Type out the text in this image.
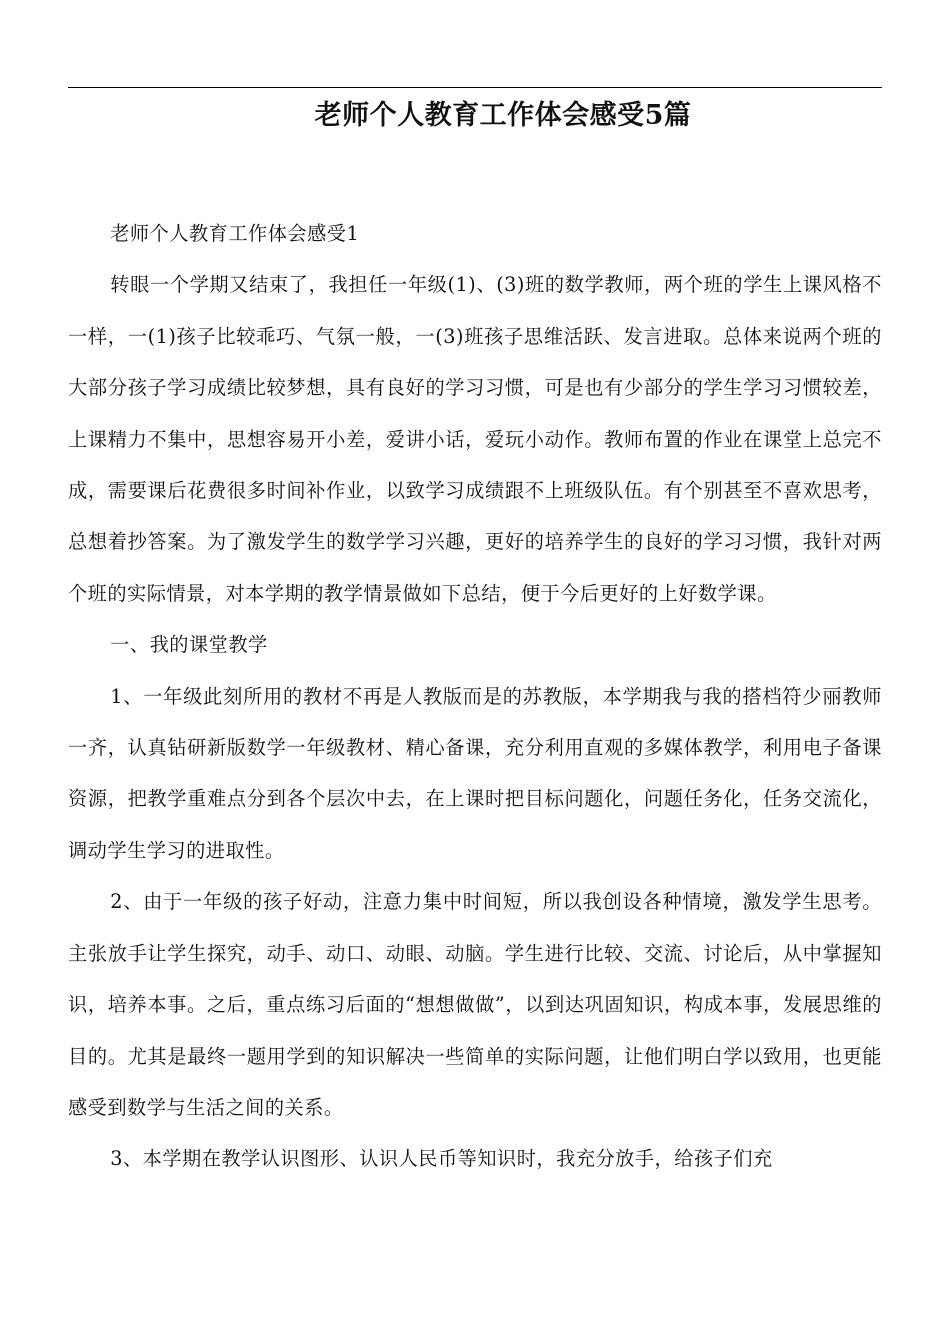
老师个人教育工作体会感受5篇

老师个人教育工作体会感受1

转眼一个学期又结束了，我担任一年级(1)、(3)班的数学教师，两个班的学生上课风格不一样，一(1)孩子比较乖巧、气氛一般，一(3)班孩子思维活跃、发言进取。总体来说两个班的大部分孩子学习成绩比较梦想，具有良好的学习习惯，可是也有少部分的学生学习习惯较差，上课精力不集中，思想容易开小差，爱讲小话，爱玩小动作。教师布置的作业在课堂上总完不成，需要课后花费很多时间补作业，以致学习成绩跟不上班级队伍。有个别甚至不喜欢思考，总想着抄答案。为了激发学生的数学学习兴趣，更好的培养学生的良好的学习习惯，我针对两个班的实际情景，对本学期的教学情景做如下总结，便于今后更好的上好数学课。

一、我的课堂教学

1、一年级此刻所用的教材不再是人教版而是的苏教版，本学期我与我的搭档符少丽教师一齐，认真钻研新版数学一年级教材、精心备课，充分利用直观的多媒体教学，利用电子备课资源，把教学重难点分到各个层次中去，在上课时把目标问题化，问题任务化，任务交流化，调动学生学习的进取性。

2、由于一年级的孩子好动，注意力集中时间短，所以我创设各种情境，激发学生思考。主张放手让学生探究，动手、动口、动眼、动脑。学生进行比较、交流、讨论后，从中掌握知识，培养本事。之后，重点练习后面的“想想做做”，以到达巩固知识，构成本事，发展思维的目的。尤其是最终一题用学到的知识解决一些简单的实际问题，让他们明白学以致用，也更能感受到数学与生活之间的关系。

3、本学期在教学认识图形、认识人民币等知识时，我充分放手，给孩子们充
